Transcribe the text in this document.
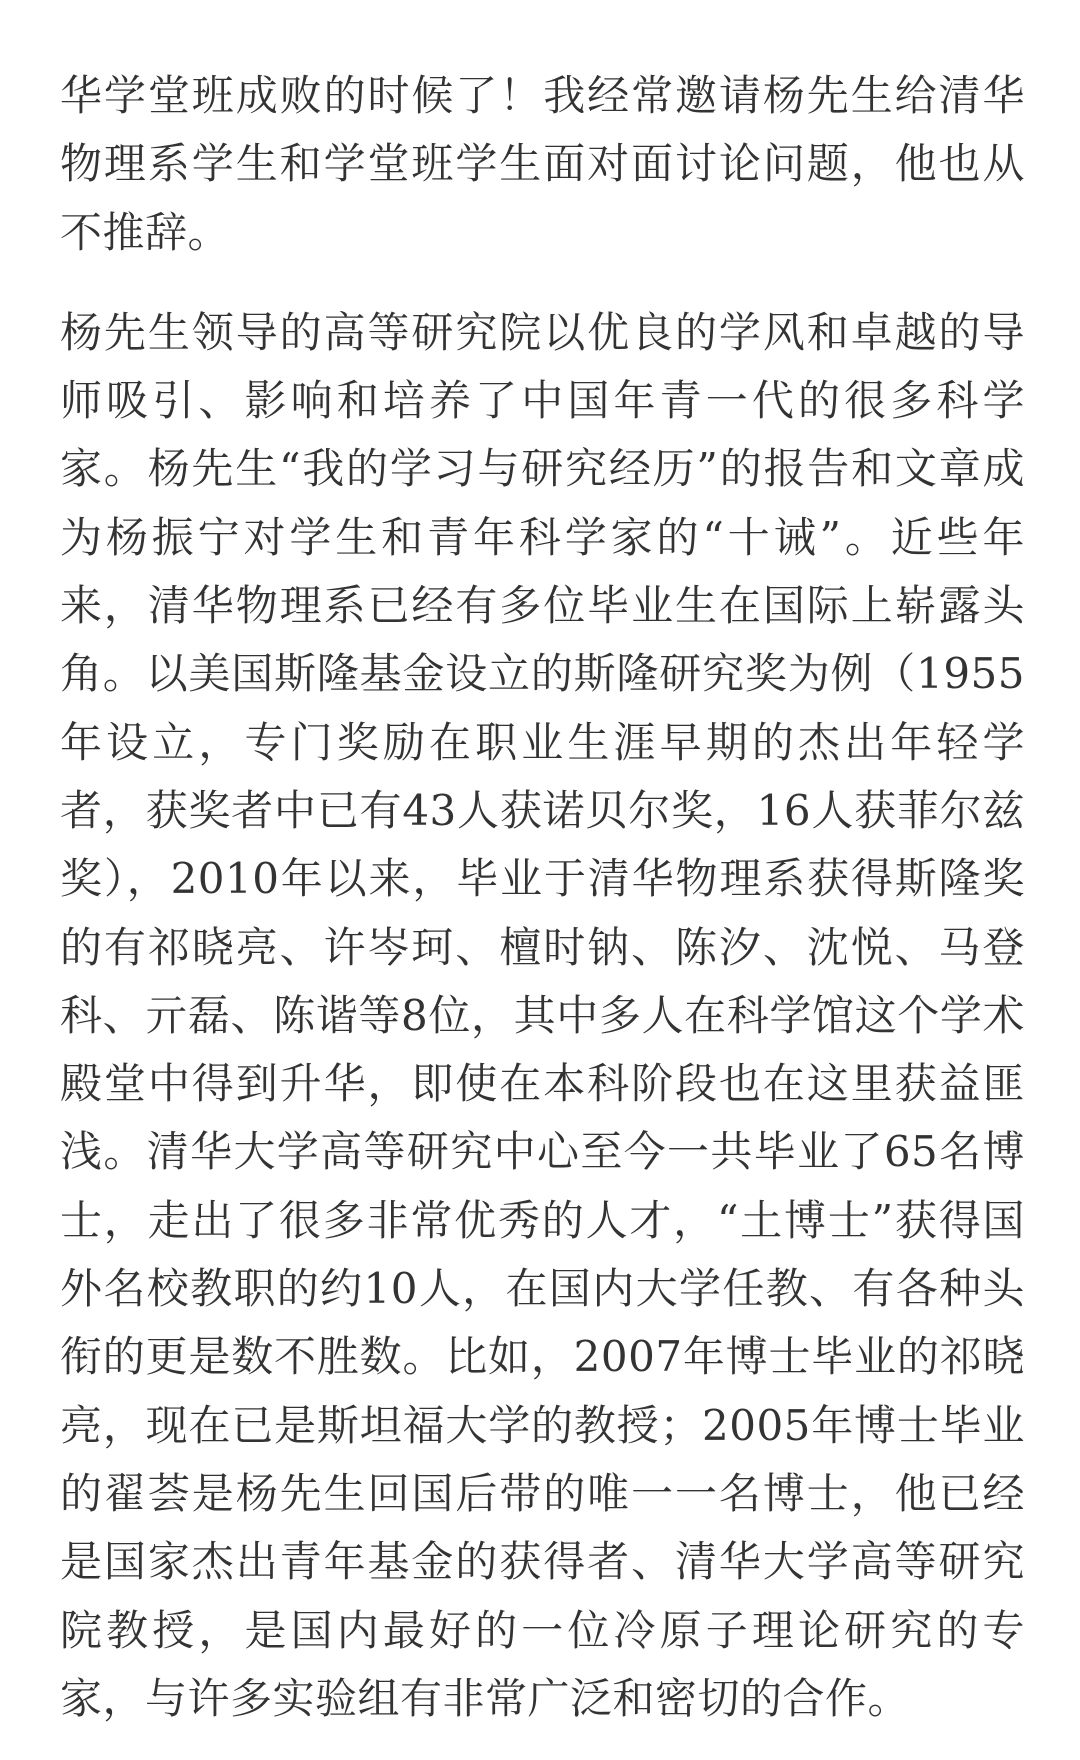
华学堂班成败的时候了！我经常邀请杨先生给清华物理系学生和学堂班学生面对面讨论问题，他也从不推辞。

杨先生领导的高等研究院以优良的学风和卓越的导师吸引、影响和培养了中国年青一代的很多科学家。杨先生“我的学习与研究经历”的报告和文章成为杨振宁对学生和青年科学家的“十诫”。近些年来，清华物理系已经有多位毕业生在国际上崭露头角。以美国斯隆基金设立的斯隆研究奖为例（1955年设立，专门奖励在职业生涯早期的杰出年轻学者，获奖者中已有43人获诺贝尔奖，16人获菲尔兹奖），2010年以来，毕业于清华物理系获得斯隆奖的有祁晓亮、许岑珂、檀时钠、陈汐、沈悦、马登科、亓磊、陈谐等8位，其中多人在科学馆这个学术殿堂中得到升华，即使在本科阶段也在这里获益匪浅。清华大学高等研究中心至今一共毕业了65名博士，走出了很多非常优秀的人才，“土博士”获得国外名校教职的约10人，在国内大学任教、有各种头衔的更是数不胜数。比如，2007年博士毕业的祁晓亮，现在已是斯坦福大学的教授；2005年博士毕业的翟荟是杨先生回国后带的唯一一名博士，他已经是国家杰出青年基金的获得者、清华大学高等研究院教授，是国内最好的一位冷原子理论研究的专家，与许多实验组有非常广泛和密切的合作。
